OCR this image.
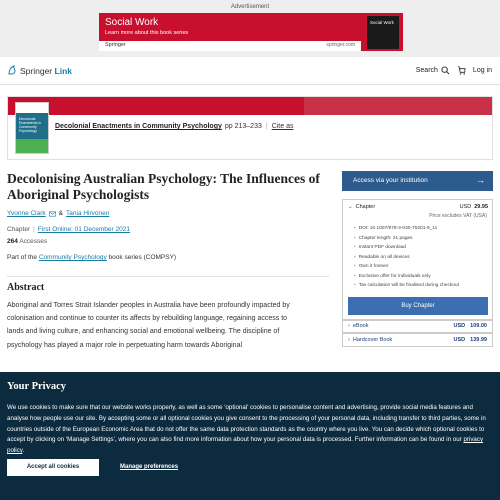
Advertisement
Social Work
Learn more about this book series
Social Work
Springer	springer.com
Springer Link	Search	Log in
Decolonial Enactments in Community Psychology
Decolonial Enactments in Community Psychology pp 213–233 | Cite as
Decolonising Australian Psychology: The Influences of Aboriginal Psychologists
Yvonne Clark & Tania Hirvonen
Chapter | First Online: 01 December 2021
264 Accesses
Part of the Community Psychology book series (COMPSY)
Abstract

Aboriginal and Torres Strait Islander peoples in Australia have been profoundly impacted by colonisation and continue to counter its affects by rebuilding language, regaining access to lands and living culture, and enhancing social and emotional wellbeing. The discipline of psychology has played a major role in perpetuating harm towards Aboriginal

Access via your institution	→
⌄ Chapter	USD 29.95
Price excludes VAT (USA)
• DOI: 10.1007/978-3-030-75201-9_11
• Chapter length: 21 pages
• Instant PDF download
• Readable on all devices
• Own it forever
• Exclusive offer for individuals only
• Tax calculation will be finalised during checkout
Buy Chapter
› eBook	USD 109.00
› Hardcover Book	USD 139.99
Your Privacy

We use cookies to make sure that our website works properly, as well as some ‘optional’ cookies to personalise content and advertising, provide social media features and analyse how people use our site. By accepting some or all optional cookies you give consent to the processing of your personal data, including transfer to third parties, some in countries outside of the European Economic Area that do not offer the same data protection standards as the country where you live. You can decide which optional cookies to accept by clicking on ‘Manage Settings’, where you can also find more information about how your personal data is processed. Further information can be found in our privacy policy.

Accept all cookies	Manage preferences
